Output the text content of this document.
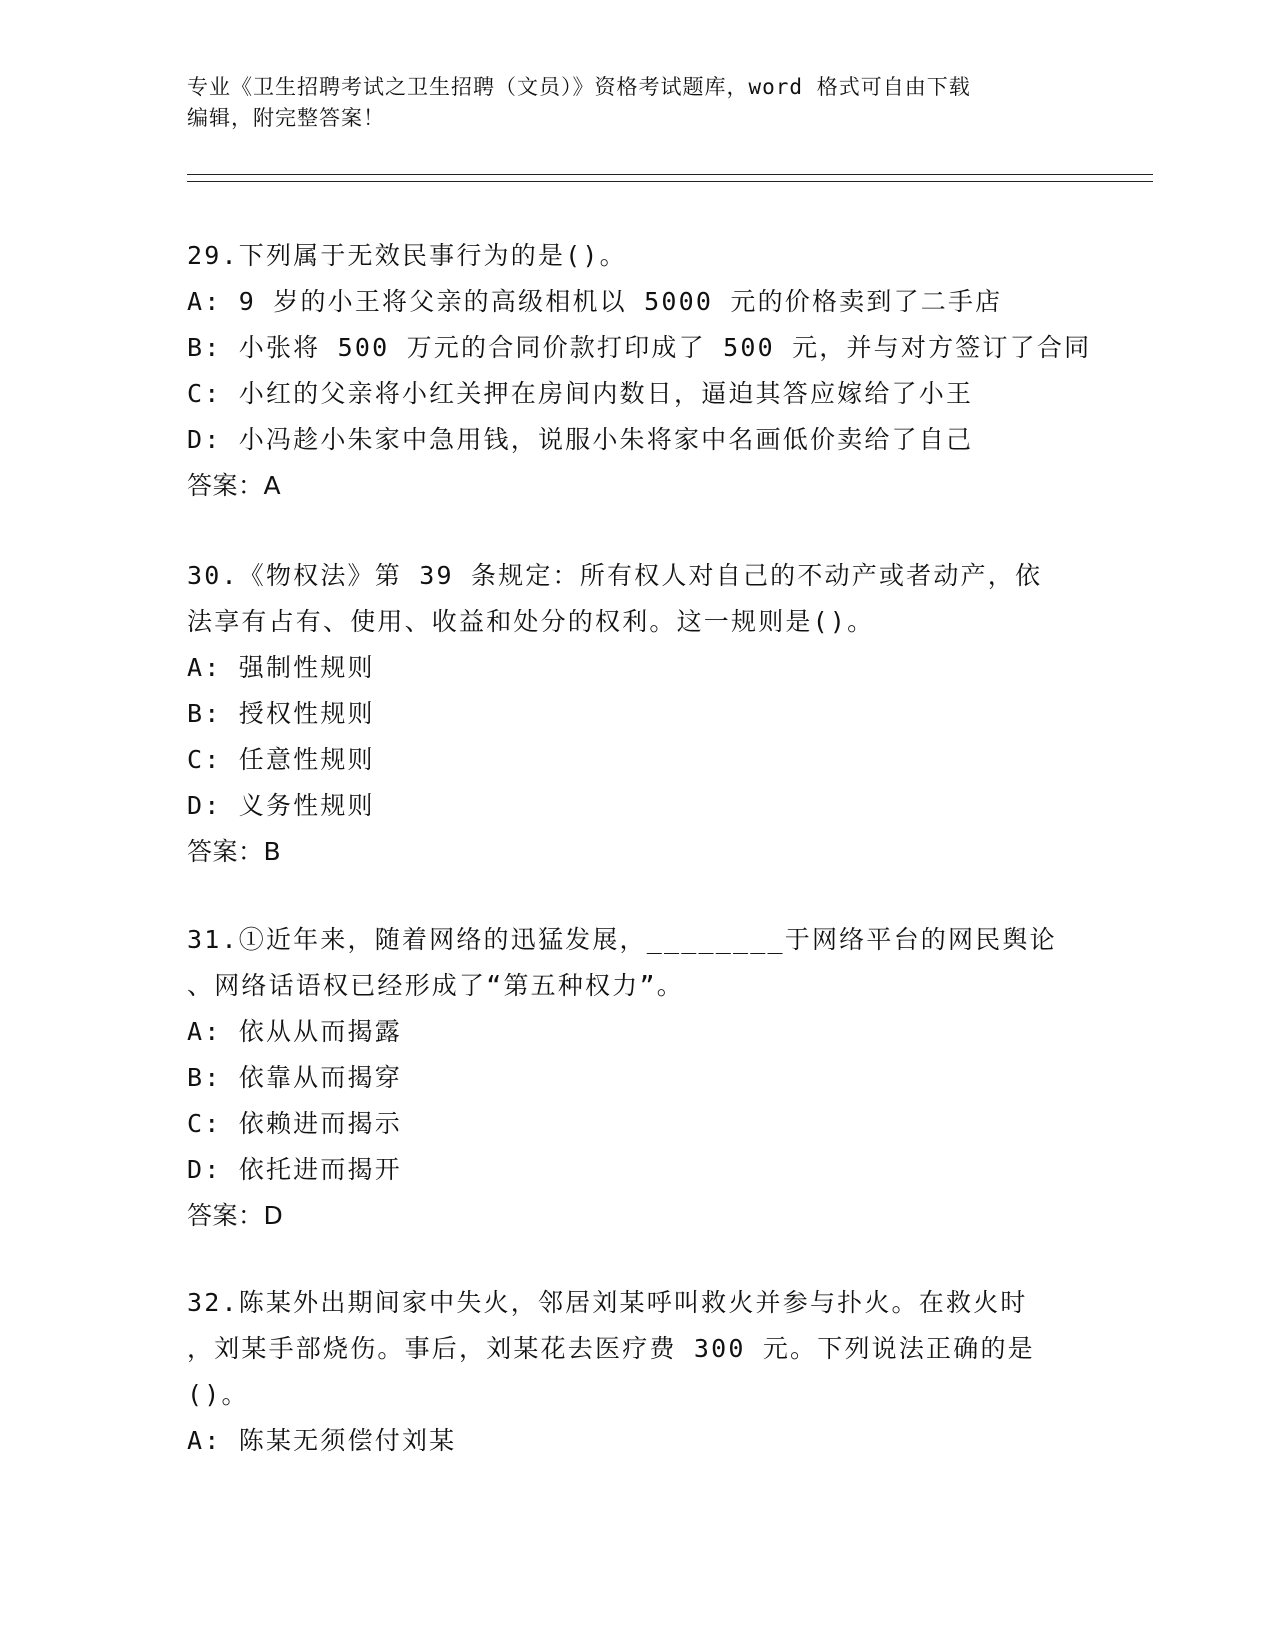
专业《卫生招聘考试之卫生招聘（文员）》资格考试题库，word 格式可自由下载
编辑，附完整答案！
29.下列属于无效民事行为的是()。
A: 9 岁的小王将父亲的高级相机以 5000 元的价格卖到了二手店
B: 小张将 500 万元的合同价款打印成了 500 元，并与对方签订了合同
C: 小红的父亲将小红关押在房间内数日，逼迫其答应嫁给了小王
D: 小冯趁小朱家中急用钱，说服小朱将家中名画低价卖给了自己
答案：A
30.《物权法》第 39 条规定：所有权人对自己的不动产或者动产，依
法享有占有、使用、收益和处分的权利。这一规则是()。
A: 强制性规则
B: 授权性规则
C: 任意性规则
D: 义务性规则
答案：B
31.①近年来，随着网络的迅猛发展，________于网络平台的网民舆论
、网络话语权已经形成了“第五种权力”。
A: 依从从而揭露
B: 依靠从而揭穿
C: 依赖进而揭示
D: 依托进而揭开
答案：D
32.陈某外出期间家中失火，邻居刘某呼叫救火并参与扑火。在救火时
，刘某手部烧伤。事后，刘某花去医疗费 300 元。下列说法正确的是
()。
A: 陈某无须偿付刘某
